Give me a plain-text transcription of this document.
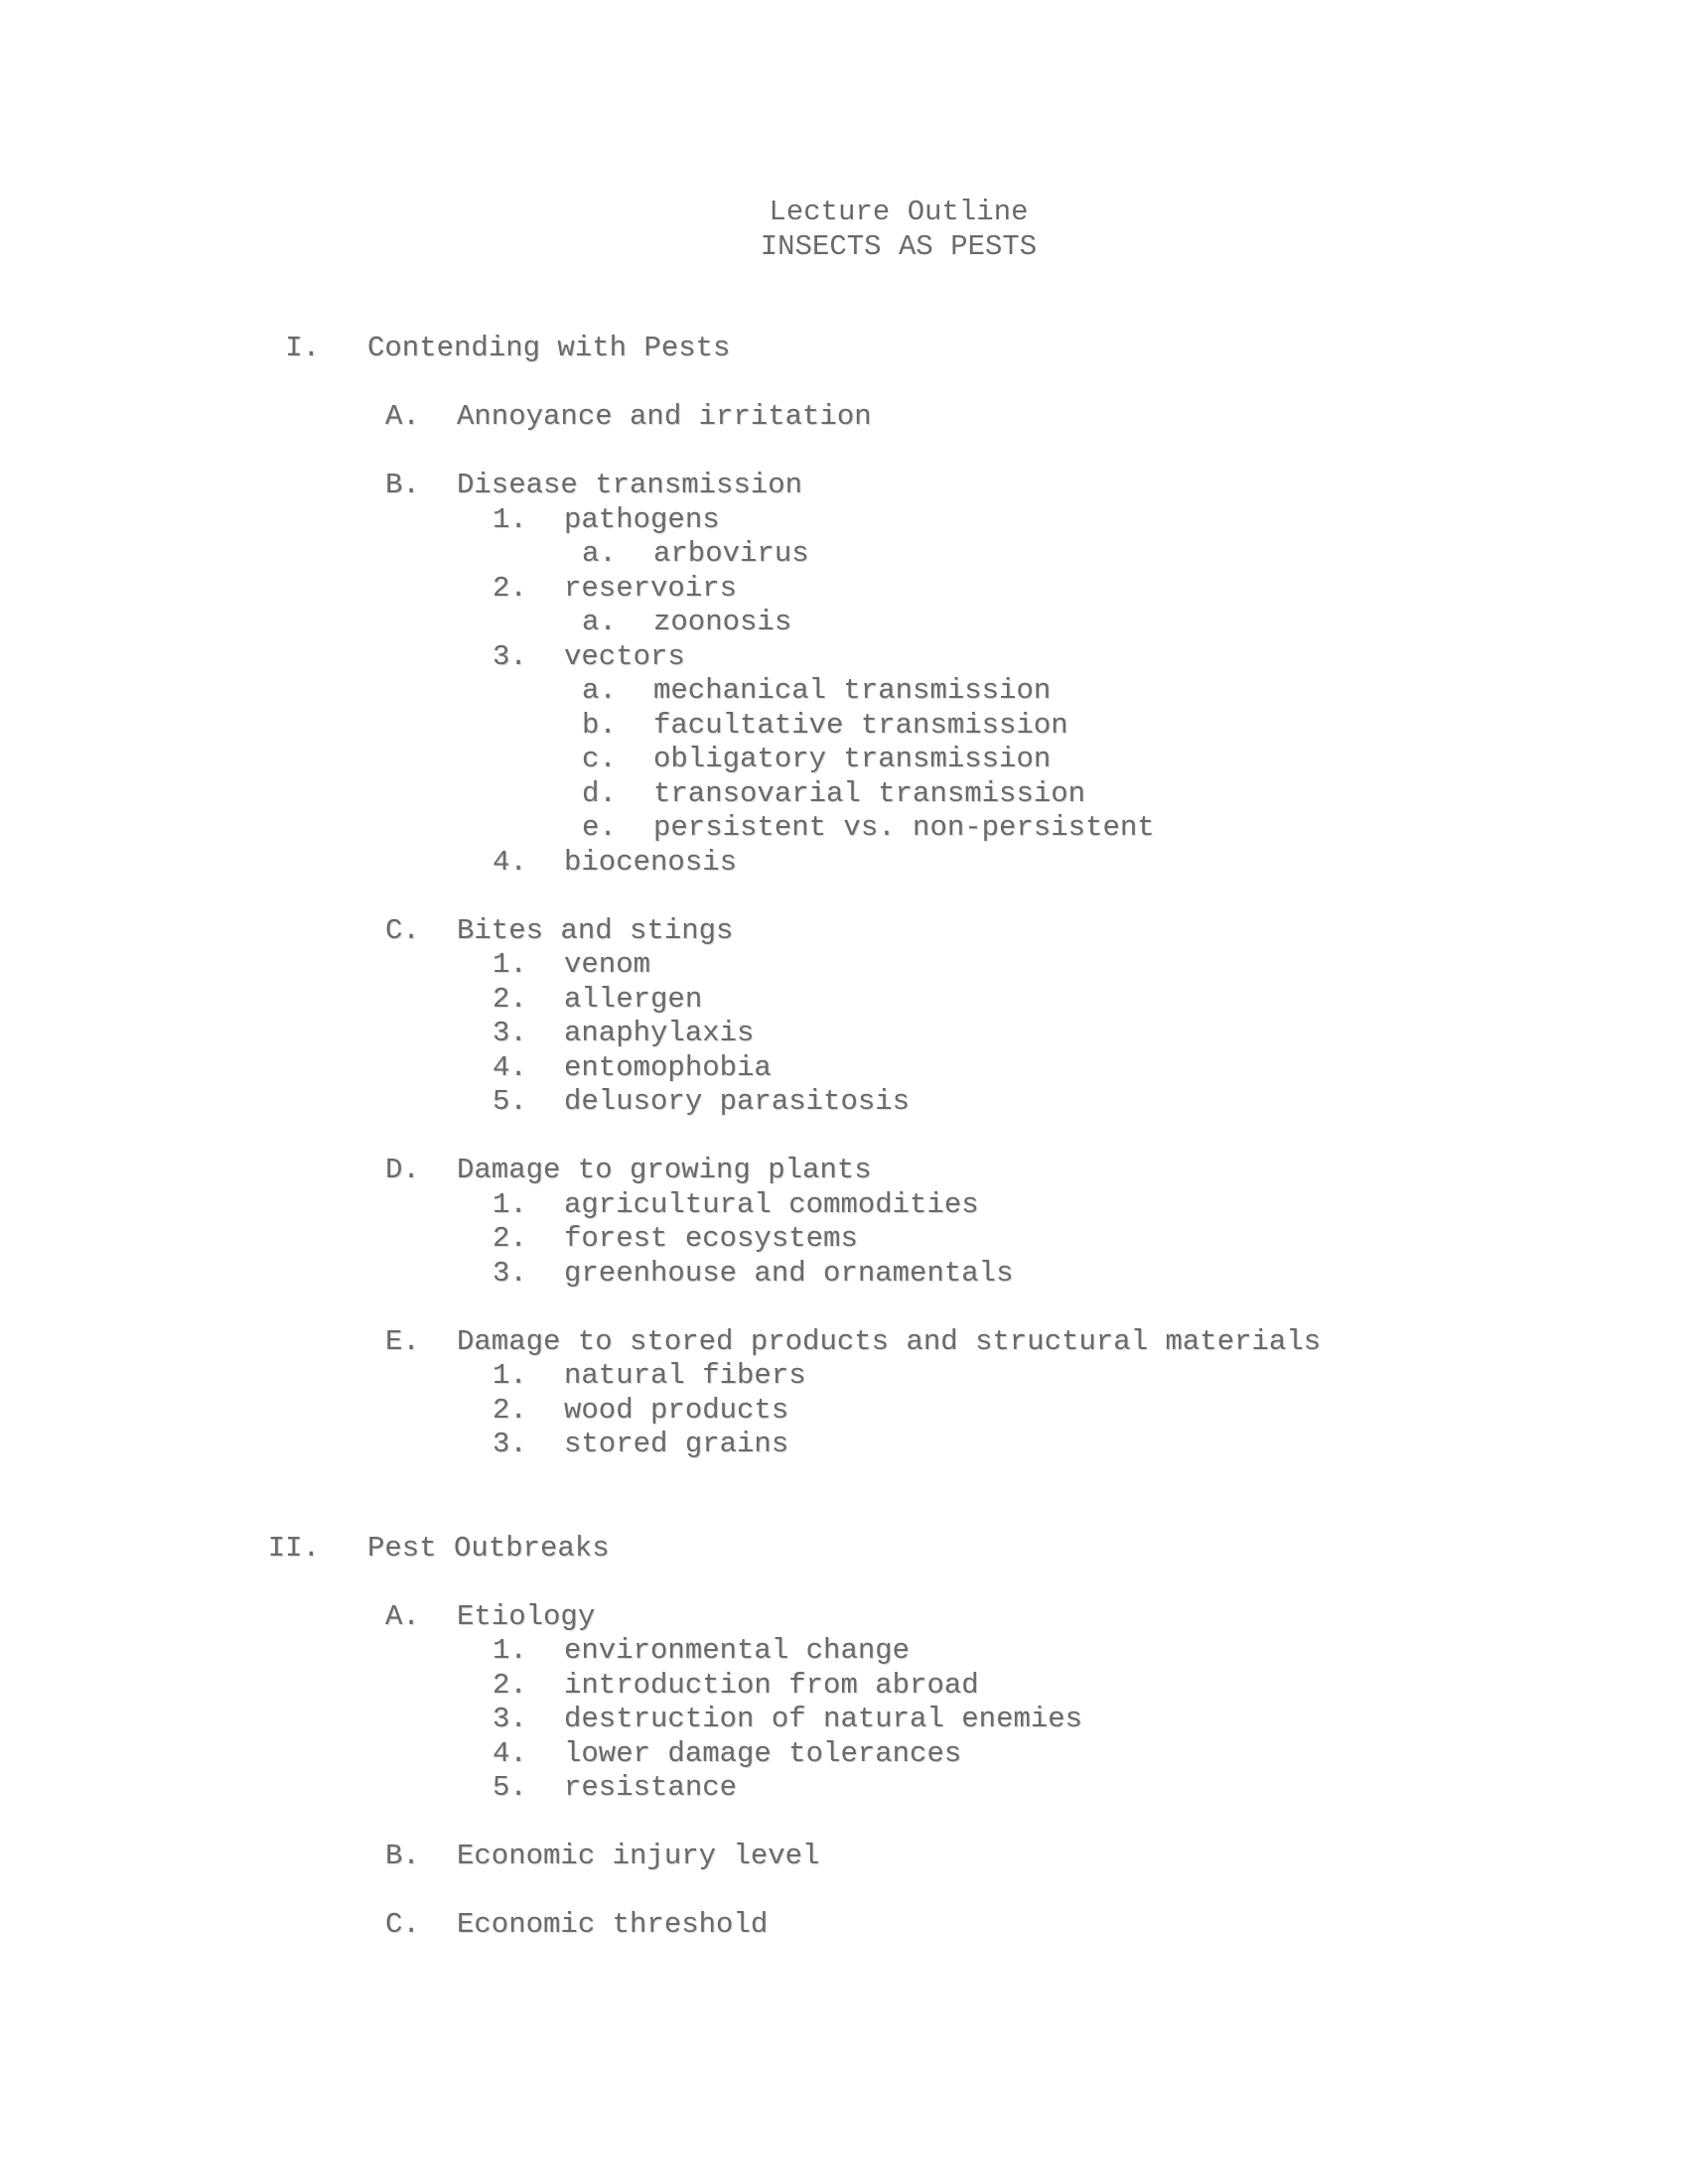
Lecture Outline
INSECTS AS PESTS
I. Contending with Pests
A. Annoyance and irritation
B. Disease transmission
1. pathogens
a. arbovirus
2. reservoirs
a. zoonosis
3. vectors
a. mechanical transmission
b. facultative transmission
c. obligatory transmission
d. transovarial transmission
e. persistent vs. non-persistent
4. biocenosis
C. Bites and stings
1. venom
2. allergen
3. anaphylaxis
4. entomophobia
5. delusory parasitosis
D. Damage to growing plants
1. agricultural commodities
2. forest ecosystems
3. greenhouse and ornamentals
E. Damage to stored products and structural materials
1. natural fibers
2. wood products
3. stored grains
II. Pest Outbreaks
A. Etiology
1. environmental change
2. introduction from abroad
3. destruction of natural enemies
4. lower damage tolerances
5. resistance
B. Economic injury level
C. Economic threshold
